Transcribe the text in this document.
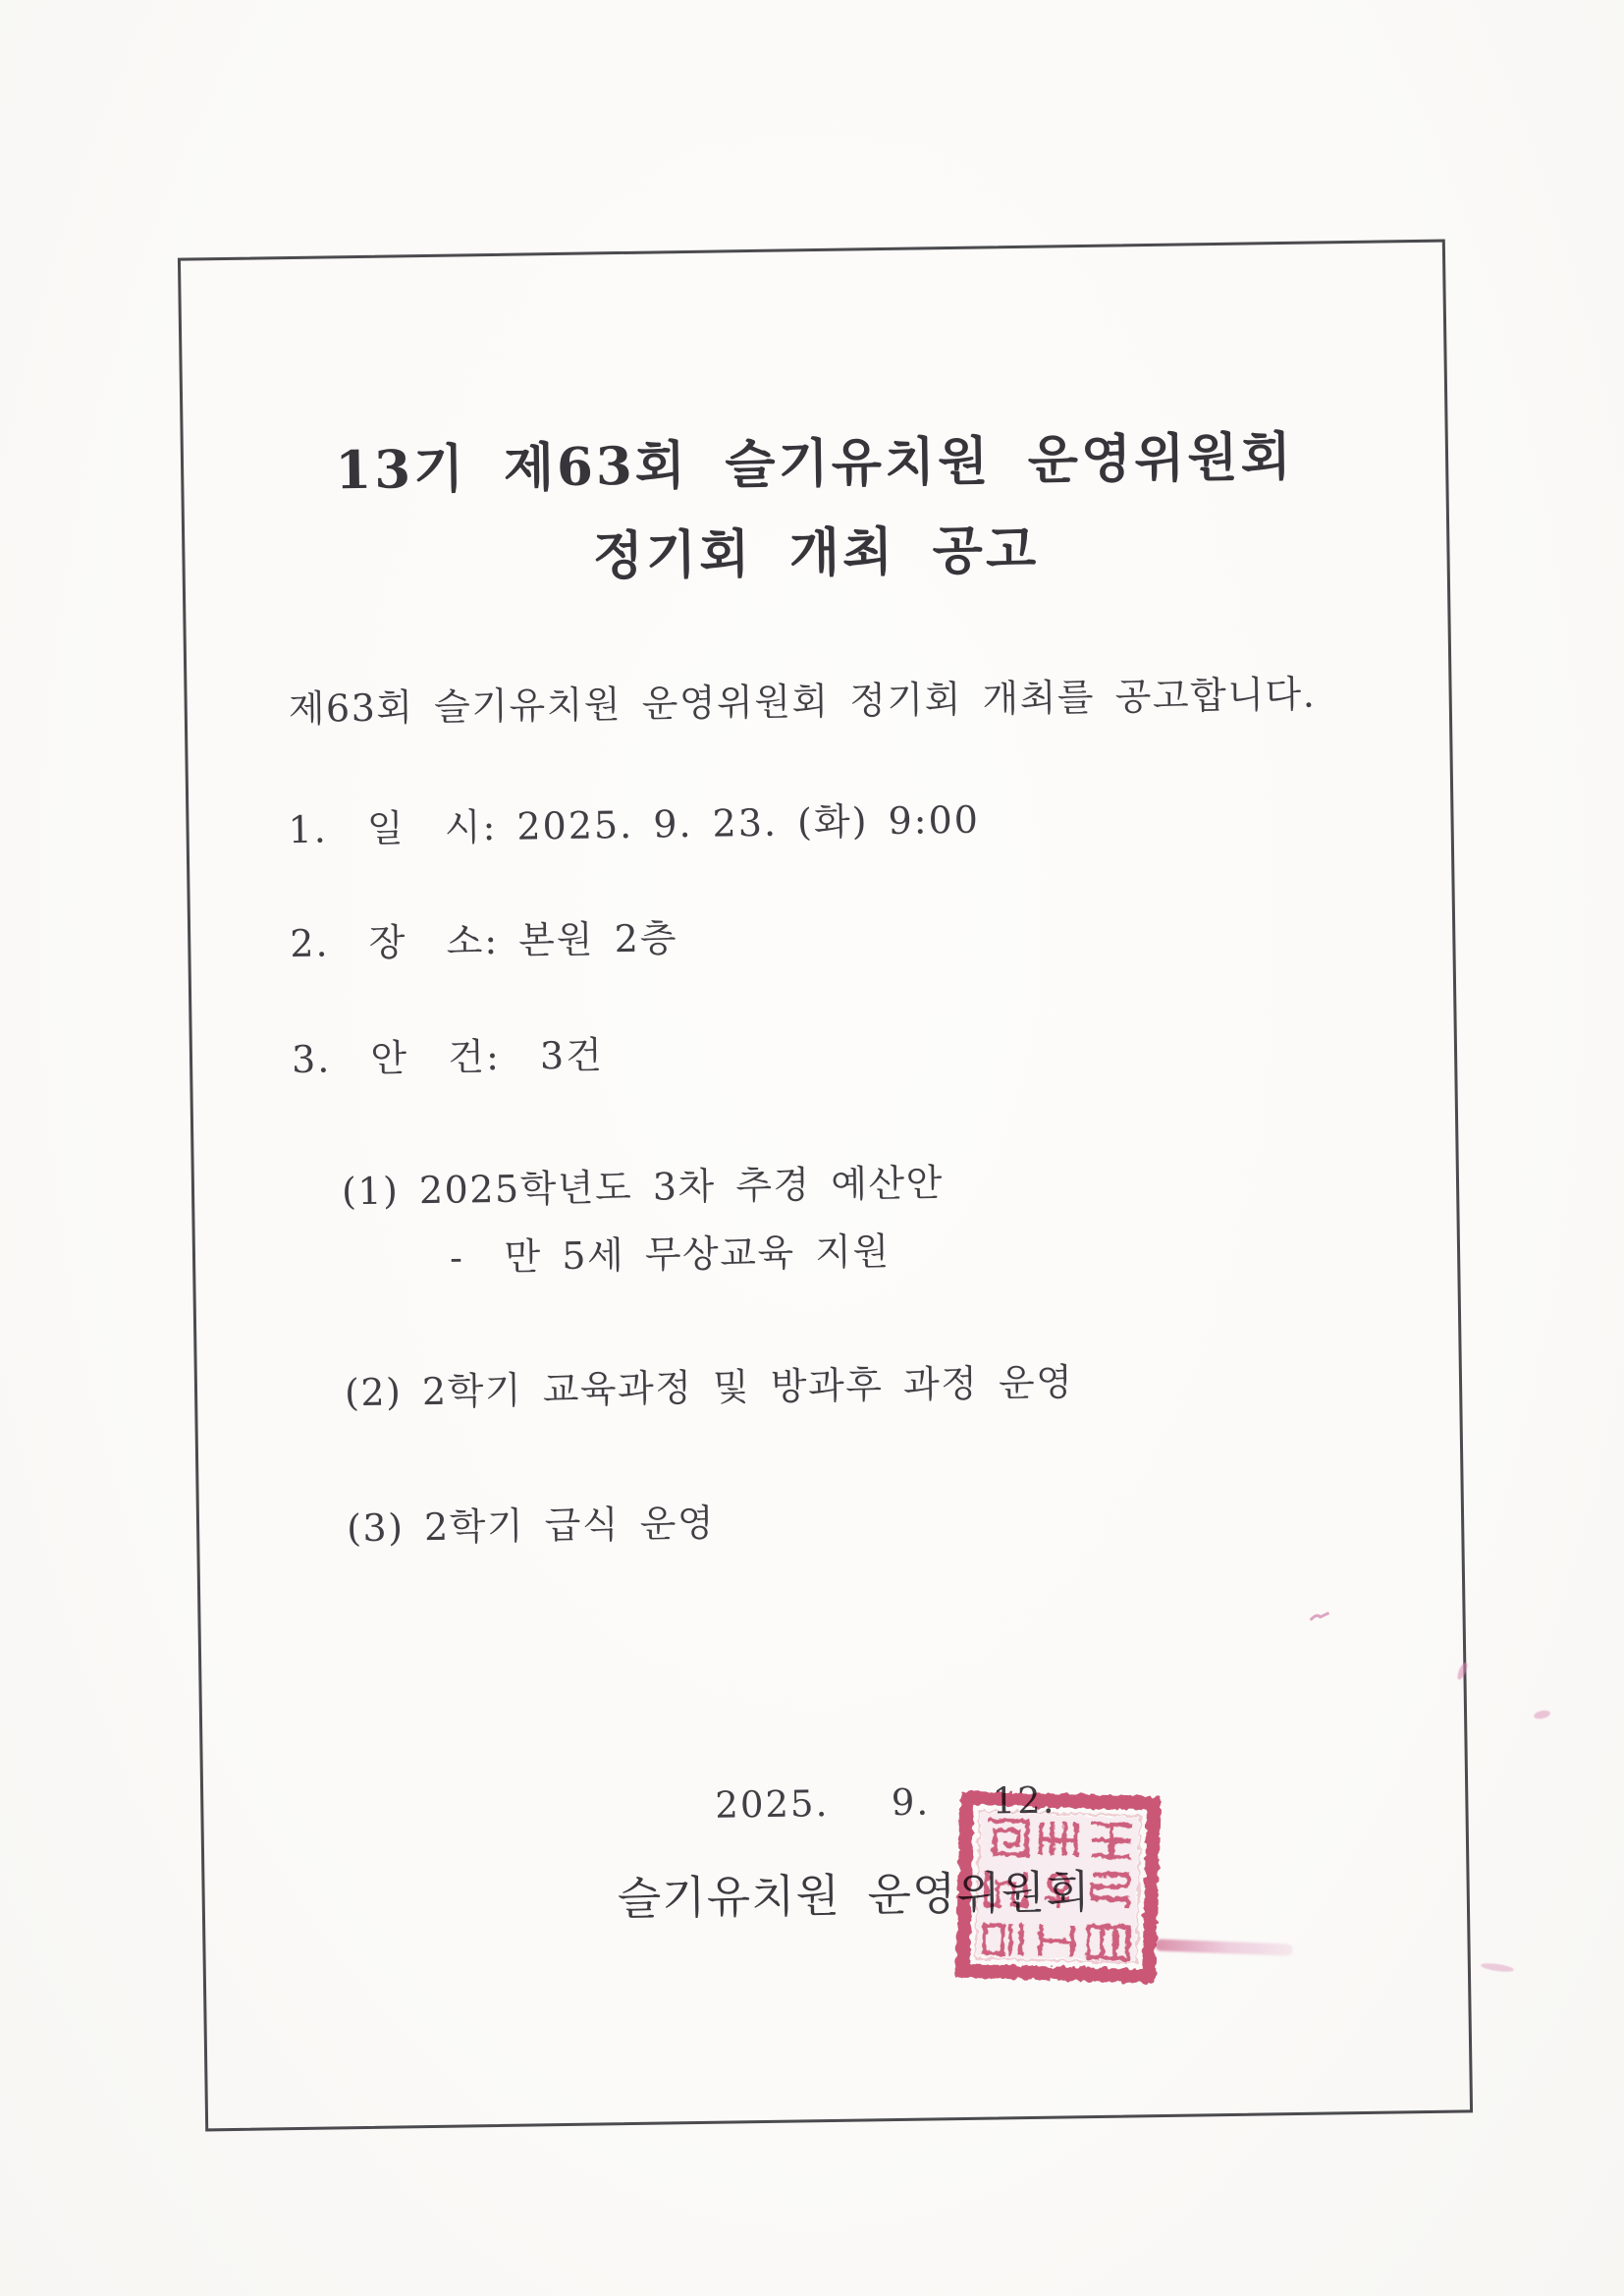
13기 제63회 슬기유치원 운영위원회
정기회 개최 공고
제63회 슬기유치원 운영위원회 정기회 개최를 공고합니다.
1.  일  시: 2025. 9. 23. (화) 9:00
2.  장  소: 본원 2층
3.  안  건:  3건
(1) 2025학년도 3차 추경 예산안
-  만 5세 무상교육 지원
(2) 2학기 교육과정 및 방과후 과정 운영
(3) 2학기 급식 운영
2025.  9.  12.
슬기유치원 운영위원회
